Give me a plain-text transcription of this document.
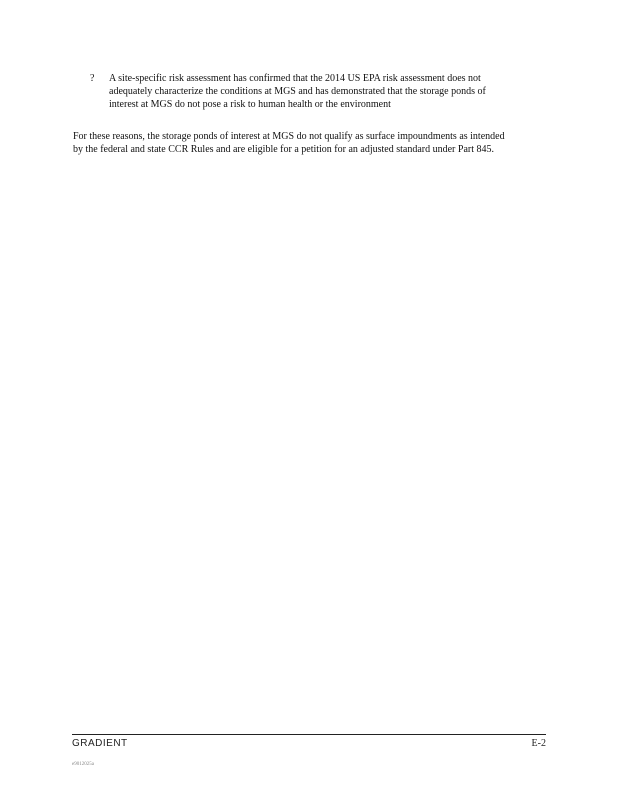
?	A site-specific risk assessment has confirmed that the 2014 US EPA risk assessment does not
adequately characterize the conditions at MGS and has demonstrated that the storage ponds of
interest at MGS do not pose a risk to human health or the environment
For these reasons, the storage ponds of interest at MGS do not qualify as surface impoundments as intended
by the federal and state CCR Rules and are eligible for a petition for an adjusted standard under Part 845.
GRADIENT	E-2
e9012025a
